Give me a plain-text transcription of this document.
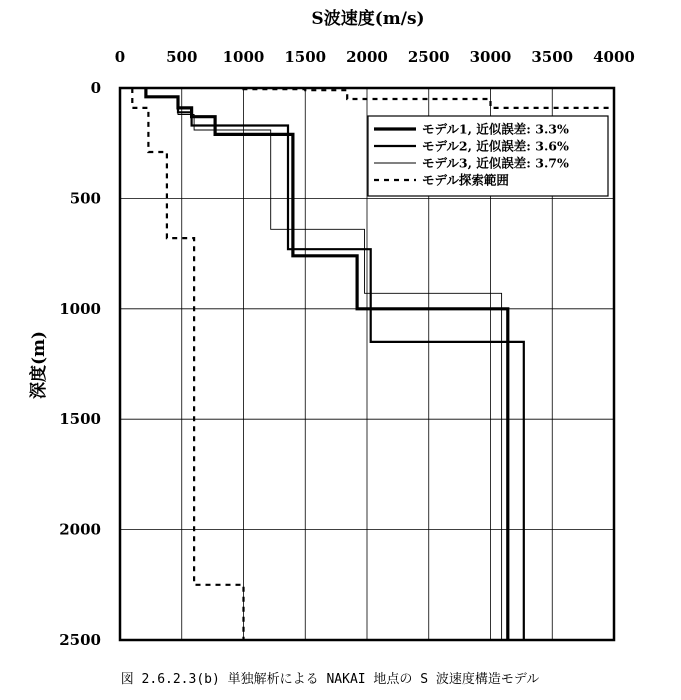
S波速度(m/s)
0	500 1000 1500 2000 2500 3000 3500 4000
0
500
1000
1500
2000
2500
深度(m)
モデル1, 近似誤差: 3.3%
モデル2, 近似誤差: 3.6%
モデル3, 近似誤差: 3.7%
モデル探索範囲
図 2.6.2.3(b) 単独解析による NAKAI 地点の S 波速度構造モデル
